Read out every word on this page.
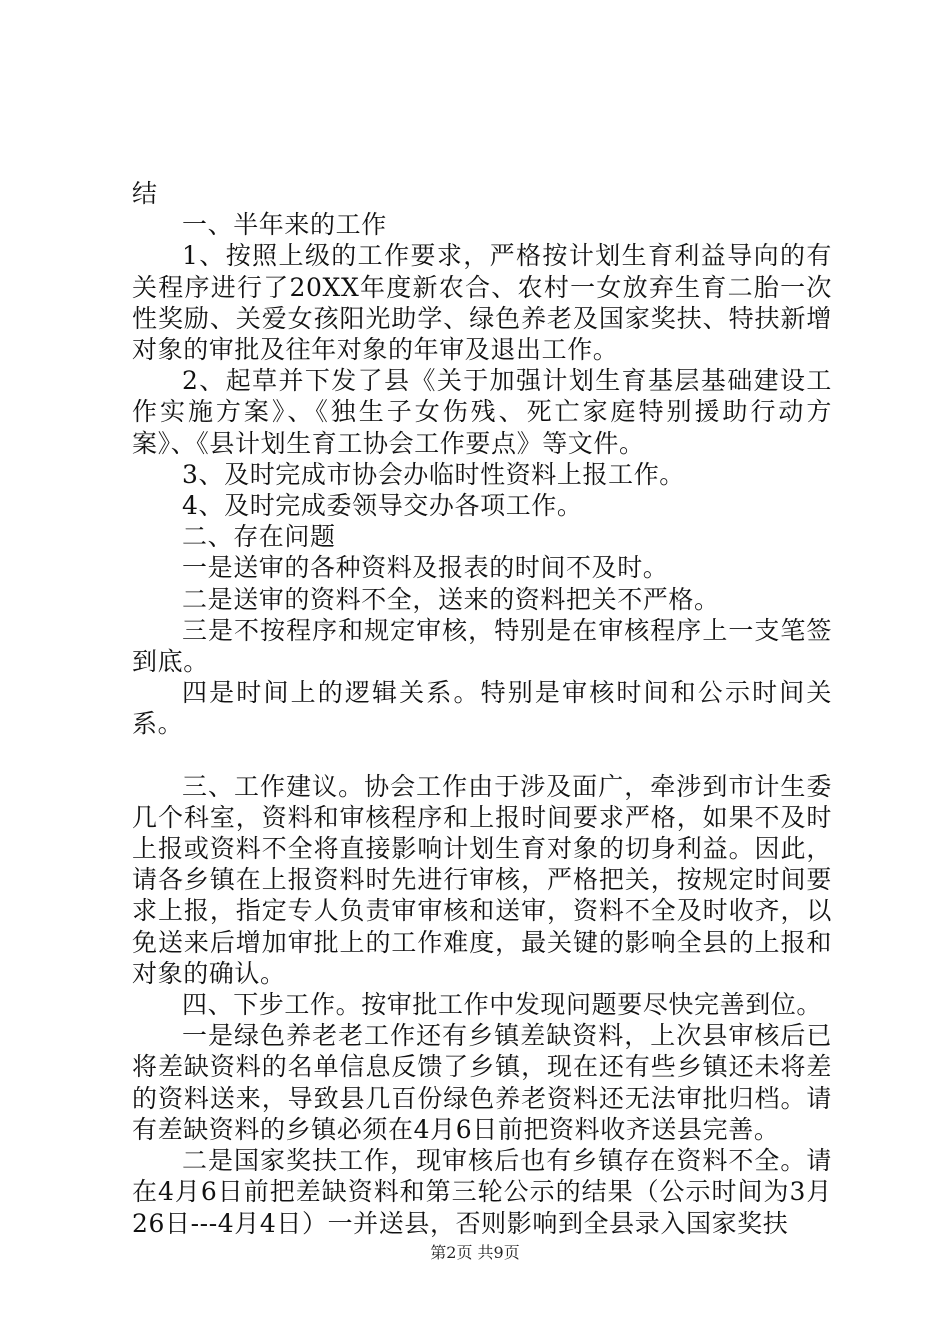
结

一、半年来的工作

1、按照上级的工作要求，严格按计划生育利益导向的有关程序进行了20XX年度新农合、农村一女放弃生育二胎一次性奖励、关爱女孩阳光助学、绿色养老及国家奖扶、特扶新增对象的审批及往年对象的年审及退出工作。

2、起草并下发了县《关于加强计划生育基层基础建设工作实施方案》、《独生子女伤残、死亡家庭特别援助行动方案》、《县计划生育工协会工作要点》等文件。

3、及时完成市协会办临时性资料上报工作。

4、及时完成委领导交办各项工作。

二、存在问题

一是送审的各种资料及报表的时间不及时。

二是送审的资料不全，送来的资料把关不严格。

三是不按程序和规定审核，特别是在审核程序上一支笔签到底。

四是时间上的逻辑关系。特别是审核时间和公示时间关系。

三、工作建议。协会工作由于涉及面广，牵涉到市计生委几个科室，资料和审核程序和上报时间要求严格，如果不及时上报或资料不全将直接影响计划生育对象的切身利益。因此，请各乡镇在上报资料时先进行审核，严格把关，按规定时间要求上报，指定专人负责审审核和送审，资料不全及时收齐，以免送来后增加审批上的工作难度，最关键的影响全县的上报和对象的确认。

四、下步工作。按审批工作中发现问题要尽快完善到位。

一是绿色养老老工作还有乡镇差缺资料，上次县审核后已将差缺资料的名单信息反馈了乡镇，现在还有些乡镇还未将差的资料送来，导致县几百份绿色养老资料还无法审批归档。请有差缺资料的乡镇必须在4月6日前把资料收齐送县完善。

二是国家奖扶工作，现审核后也有乡镇存在资料不全。请在4月6日前把差缺资料和第三轮公示的结果（公示时间为3月26日---4月4日）一并送县，否则影响到全县录入国家奖扶

第2页 共9页
